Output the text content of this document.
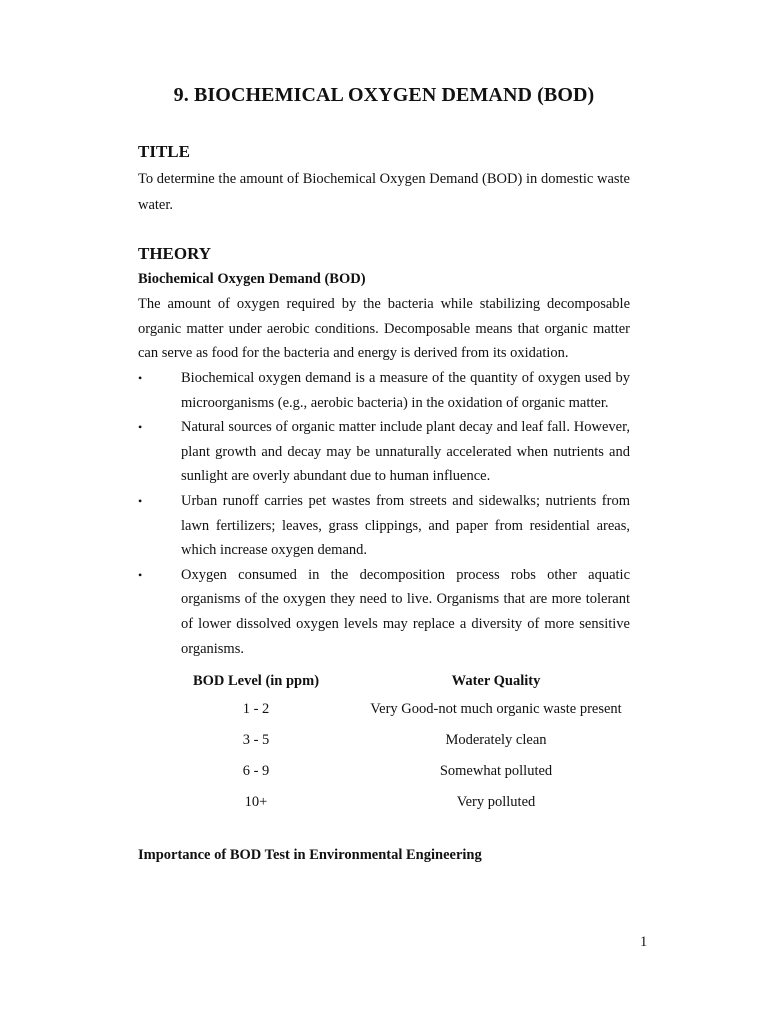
9. BIOCHEMICAL OXYGEN DEMAND (BOD)
TITLE
To determine the amount of Biochemical Oxygen Demand (BOD) in domestic waste water.
THEORY
Biochemical Oxygen Demand (BOD)
The amount of oxygen required by the bacteria while stabilizing decomposable organic matter under aerobic conditions. Decomposable means that organic matter can serve as food for the bacteria and energy is derived from its oxidation.
•	Biochemical oxygen demand is a measure of the quantity of oxygen used by microorganisms (e.g., aerobic bacteria) in the oxidation of organic matter.
•	Natural sources of organic matter include plant decay and leaf fall. However, plant growth and decay may be unnaturally accelerated when nutrients and sunlight are overly abundant due to human influence.
•	Urban runoff carries pet wastes from streets and sidewalks; nutrients from lawn fertilizers; leaves, grass clippings, and paper from residential areas, which increase oxygen demand.
•	Oxygen consumed in the decomposition process robs other aquatic organisms of the oxygen they need to live. Organisms that are more tolerant of lower dissolved oxygen levels may replace a diversity of more sensitive organisms.
BOD Level (in ppm)	Water Quality
1 - 2	Very Good-not much organic waste present
3 - 5	Moderately clean
6 - 9	Somewhat polluted
10+	Very polluted
Importance of BOD Test in Environmental Engineering
1
